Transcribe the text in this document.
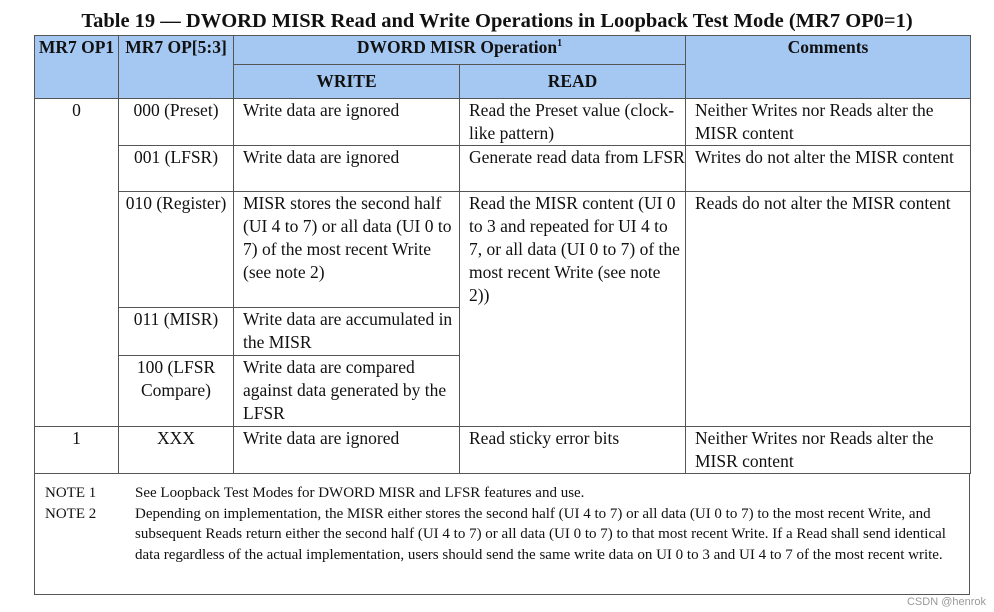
Table 19 — DWORD MISR Read and Write Operations in Loopback Test Mode (MR7 OP0=1)
MR7 OP1	MR7 OP[5:3]	DWORD MISR Operation$^1$		Comments
		WRITE	READ	
0	000 (Preset)	Write data are ignored	Read the Preset value (clock-like pattern)	Neither Writes nor Reads alter the MISR content
	001 (LFSR)	Write data are ignored	Generate read data from LFSR	Writes do not alter the MISR content
	010 (Register)	MISR stores the second half (UI 4 to 7) or all data (UI 0 to 7) of the most recent Write (see note 2)	Read the MISR content (UI 0 to 3 and repeated for UI 4 to 7, or all data (UI 0 to 7) of the most recent Write (see note 2))	Reads do not alter the MISR content
	011 (MISR)	Write data are accumulated in the MISR		
	100 (LFSR Compare)	Write data are compared against data generated by the LFSR		
1	XXX	Write data are ignored	Read sticky error bits	Neither Writes nor Reads alter the MISR content
NOTE 1	See Loopback Test Modes for DWORD MISR and LFSR features and use.
NOTE 2	Depending on implementation, the MISR either stores the second half (UI 4 to 7) or all data (UI 0 to 7) to the most recent Write, and subsequent Reads return either the second half (UI 4 to 7) or all data (UI 0 to 7) to that most recent Write. If a Read shall send identical data regardless of the actual implementation, users should send the same write data on UI 0 to 3 and UI 4 to 7 of the most recent write.
CSDN @henrok
